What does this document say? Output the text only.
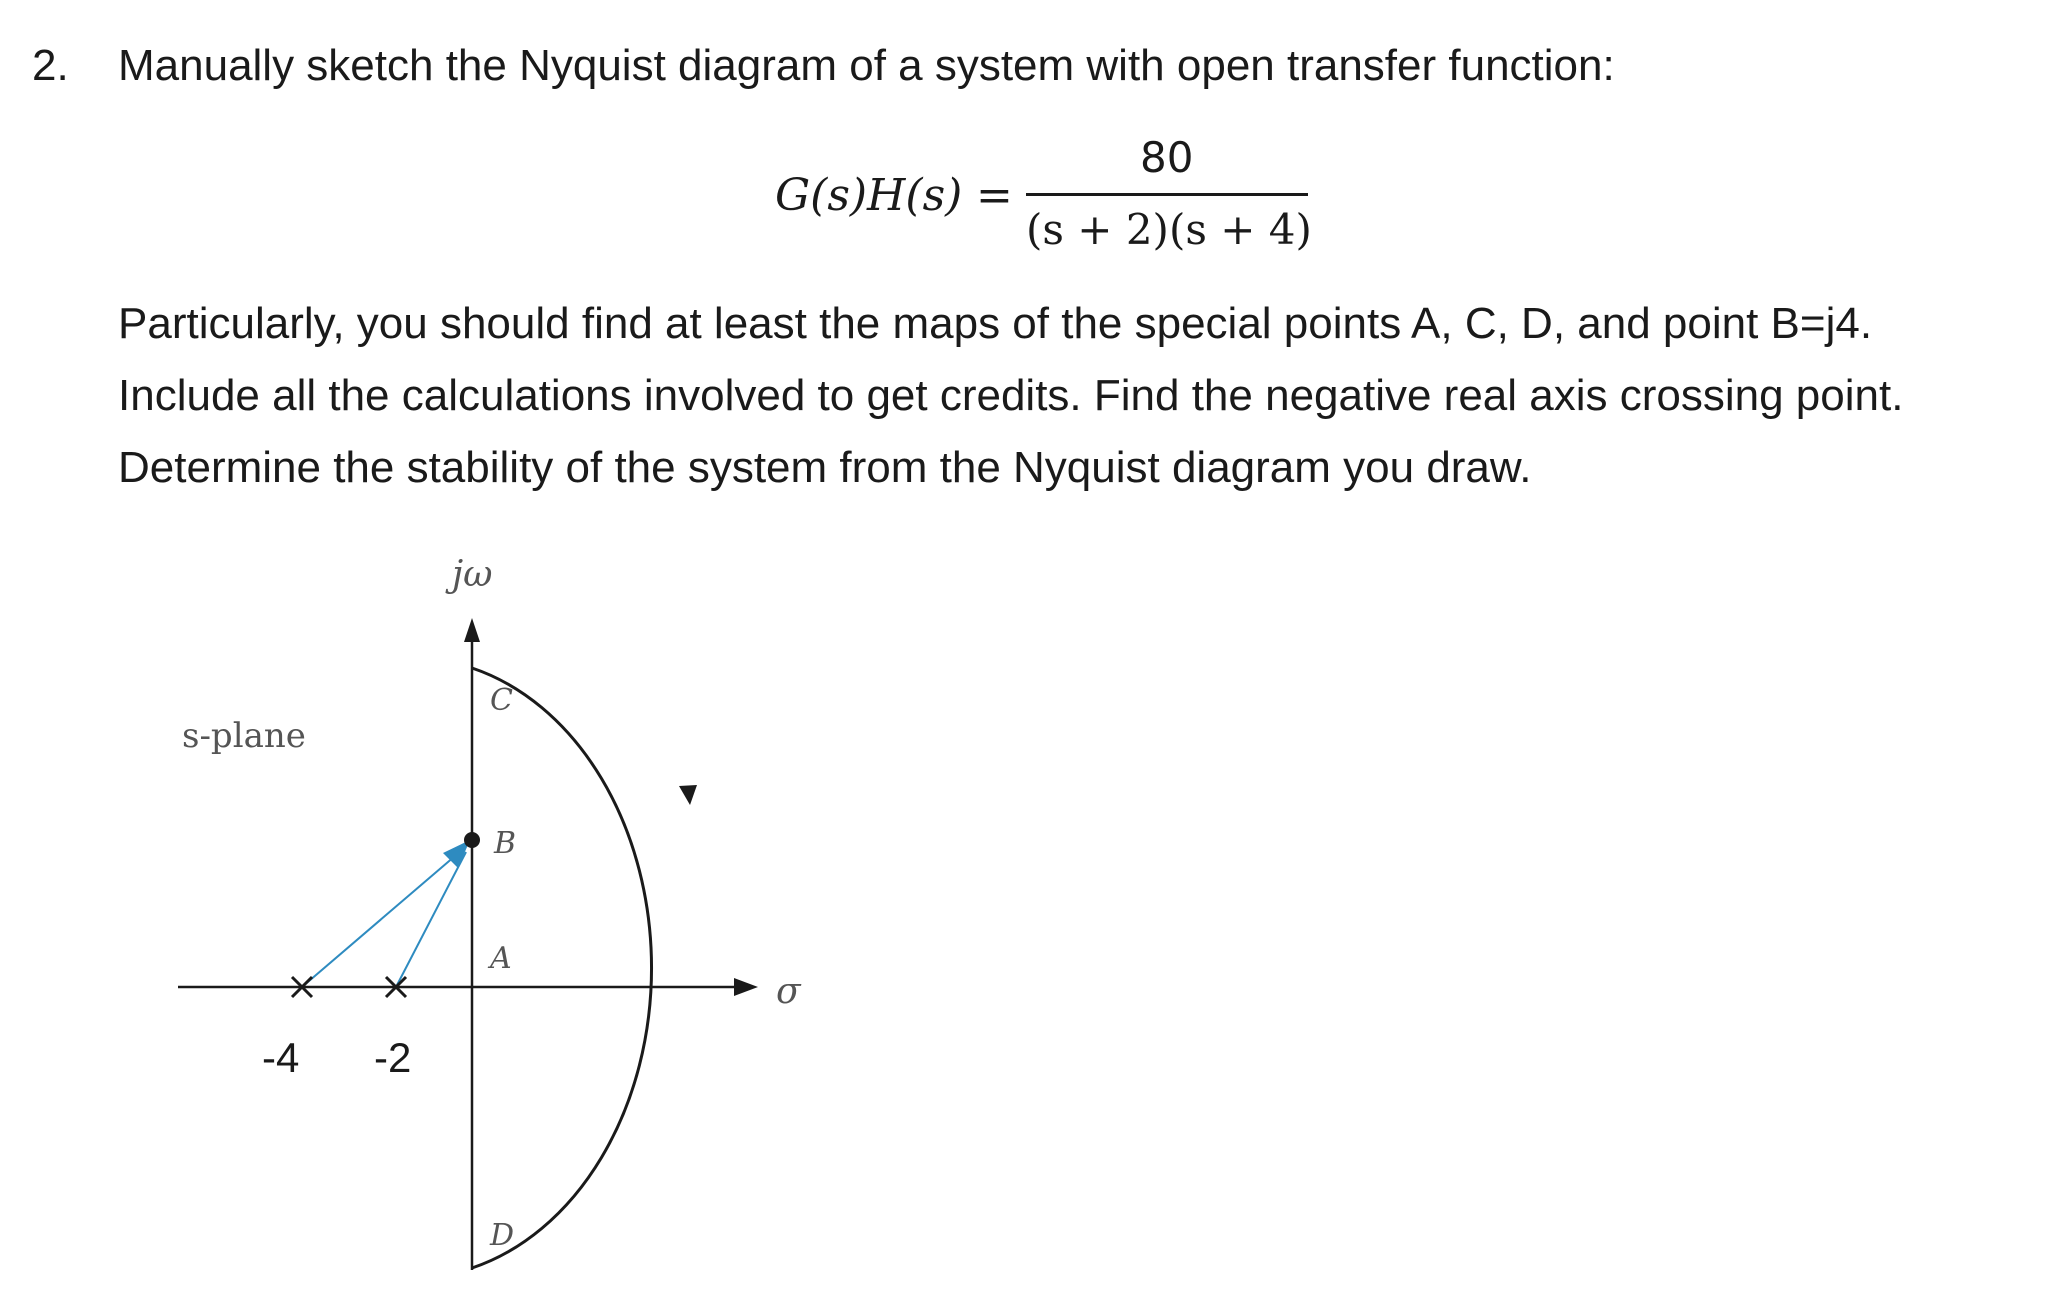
2. Manually sketch the Nyquist diagram of a system with open transfer function:
G(s)H(s) =
80
(s + 2)(s + 4)
Particularly, you should find at least the maps of the special points A, C, D, and point B=j4.
Include all the calculations involved to get credits. Find the negative real axis crossing point.
Determine the stability of the system from the Nyquist diagram you draw.
jω
σ
s-plane
C
B
A
D
-4 -2
